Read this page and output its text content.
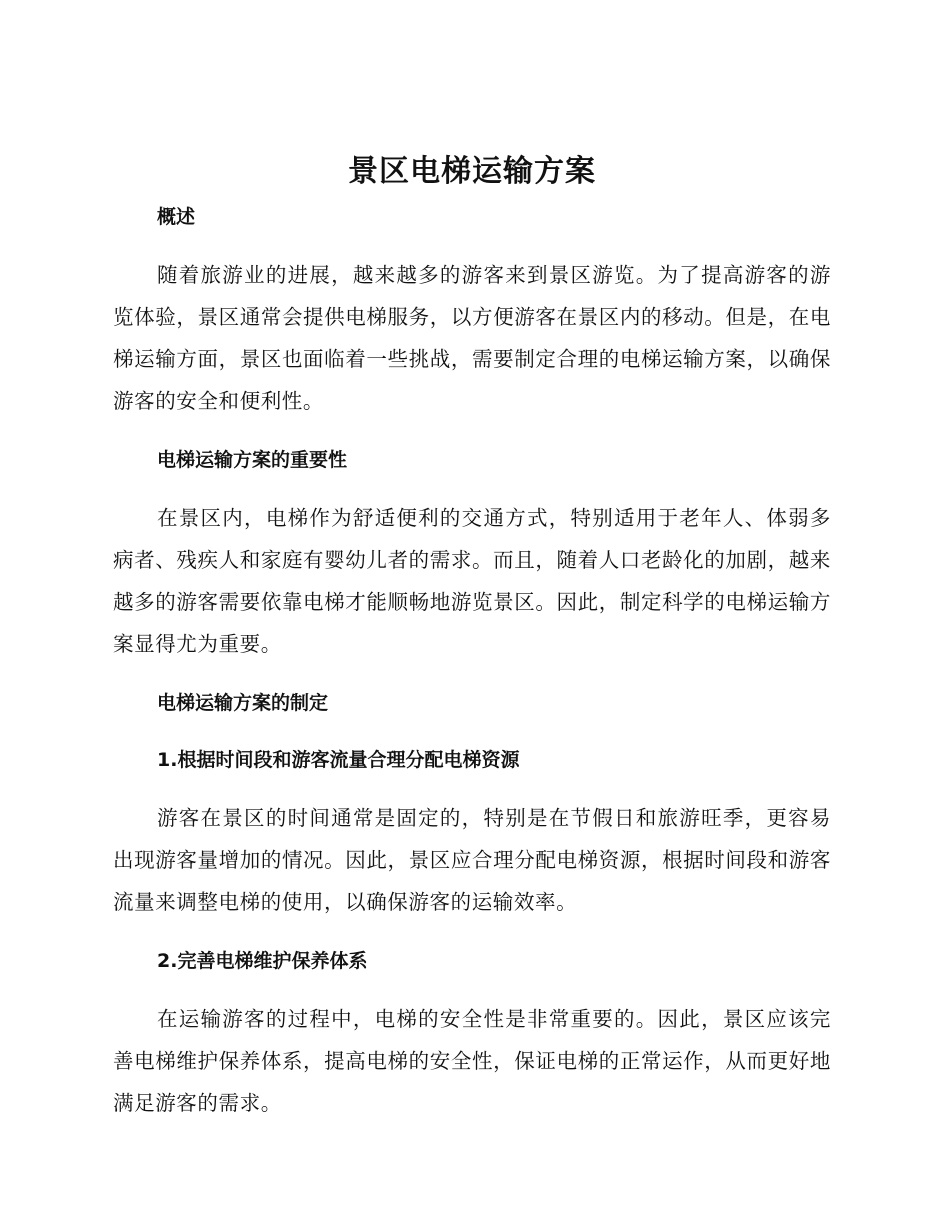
景区电梯运输方案
概述

随着旅游业的进展，越来越多的游客来到景区游览。为了提高游客的游览体验，景区通常会提供电梯服务，以方便游客在景区内的移动。但是，在电梯运输方面，景区也面临着一些挑战，需要制定合理的电梯运输方案，以确保游客的安全和便利性。

电梯运输方案的重要性

在景区内，电梯作为舒适便利的交通方式，特别适用于老年人、体弱多病者、残疾人和家庭有婴幼儿者的需求。而且，随着人口老龄化的加剧，越来越多的游客需要依靠电梯才能顺畅地游览景区。因此，制定科学的电梯运输方案显得尤为重要。

电梯运输方案的制定
1.根据时间段和游客流量合理分配电梯资源

游客在景区的时间通常是固定的，特别是在节假日和旅游旺季，更容易出现游客量增加的情况。因此，景区应合理分配电梯资源，根据时间段和游客流量来调整电梯的使用，以确保游客的运输效率。

2.完善电梯维护保养体系

在运输游客的过程中，电梯的安全性是非常重要的。因此，景区应该完善电梯维护保养体系，提高电梯的安全性，保证电梯的正常运作，从而更好地满足游客的需求。
